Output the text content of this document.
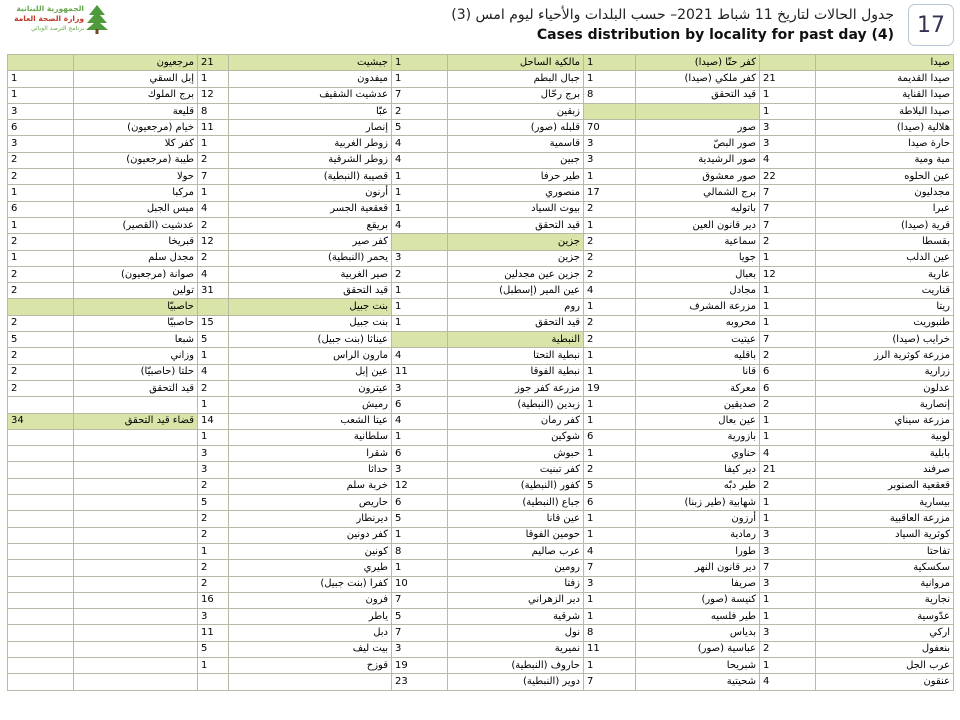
الجمهورية اللبنانية
وزارة الصحة العامة
برنامج الترصد الوبائي
جدول الحالات لتاريخ 11 شباط 2021– حسب البلدات والأحياء ليوم امس (3)
Cases distribution by locality for past day (4)	17
	مرجعيون	21	جبشيت	1	مالكية الساحل	1	كفر حتّا (صيدا)		صيدا
1	إبل السقي	1	ميفدون	1	جبال البطم	1	كفر ملكي (صيدا)	21	صيدا القديمة
1	برج الملوك	12	عدشيت الشقيف	7	برج رحّال	8	قيد التحقق	1	صيدا القناية
3	قليعة	8	عبّا	2	زبقين			1	صيدا البلاطة
6	خيام (مرجعيون)	11	إنصار	5	قلبله (صور)	70	صور	3	هلالية (صيدا)
3	كفر كلا	1	زوطر الغربية	4	قاسمية	3	صور البصّ	3	حارة صيدا
2	طيبة (مرجعيون)	2	زوطر الشرقية	4	جبين	3	صور الرشيدية	4	مية ومية
2	حولا	7	قصيبة (النبطية)	1	طير حرفا	1	صور معشوق	22	عين الحلوه
1	مركبا	1	أرنون	1	منصوري	17	برج الشمالي	7	مجدليون
6	ميس الجبل	4	قعقعية الجسر	1	بيوت السياد	2	باتوليه	7	عبرا
1	عدشيت (القصير)	2	بريقع	4	قيد التحقق	1	دير قانون العين	7	قرية (صيدا)
2	قبريخا	12	كفر صير		جزين	2	سماعية	2	بقسطا
1	مجدل سلم	2	يحمر (النبطية)	3	جزين	2	جويا	1	عين الدلب
2	صوانة (مرجعيون)	4	صير الغربية	2	جزين عين مجدلين	2	بعبال	12	عارية
2	تولين	31	قيد التحقق	1	عين المير (إسطبل)	4	مجادل	1	قناريت
	حاصبيّا		بنت جبيل	1	روم	1	مزرعة المشرف	1	ريتا
2	حاصبيّا	15	بنت جبيل	1	قيد التحقق	2	محروبه	1	طنبوريت
5	شبعا	5	عيناثا (بنت جبيل)		النبطية	2	عيتيت	7	خرايب (صيدا)
2	وزاني	1	مارون الراس	4	نبطية التحتا	1	باقليه	2	مزرعة كوثرية الرز
2	حلتا (حاصبيّا)	4	عين إبل	11	نبطية الفوقا	1	قانا	6	زرارية
2	قيد التحقق	2	عيترون	3	مزرعة كفر جوز	19	معركة	6	عدلون
		1	رميش	6	زبدين (النبطية)	1	صديقين	2	إنصارية
34	قضاء قيد التحقق	14	عيتا الشعب	4	كفر رمان	1	عين بعال	1	مزرعة سيناي
		1	سلطانية	1	شوكين	6	بازورية	1	لوبية
		3	شقرا	6	حبوش	1	حناوي	4	بابلية
		3	حداثا	3	كفر تبنيت	2	دير كيفا	21	صرفند
		2	خربة سلم	12	كفور (النبطية)	5	طير دبّه	2	قعقعية الصنوبر
		5	حاريص	6	جباع (النبطية)	6	شهابية (طير زبنا)	1	بيسارية
		2	ديرنطار	5	عين قانا	1	أرزون	1	مزرعة العاقبية
		2	كفر دونين	1	حومين الفوقا	1	رمادية	3	كوثرية السياد
		1	كونين	8	عرب صاليم	4	طورا	3	تفاحتا
		2	طيري	1	رومين	7	دير قانون النهر	7	سكسكية
		2	كفرا (بنت جبيل)	10	زفتا	3	صريفا	3	مروانية
		16	فرون	7	دير الزهراني	1	كنيسة (صور)	1	نجارية
		3	ياطر	5	شرقية	1	طير فلسيه	1	عدّوسية
		11	دبل	7	نول	8	بدياس	3	اركي
		5	بيت ليف	3	نميرية	11	عباسية (صور)	2	بنعفول
		1	قوزح	19	حاروف (النبطية)	1	شبريحا	1	عرب الجل
				23	دوير (النبطية)	7	شحيتية	4	عنقون
